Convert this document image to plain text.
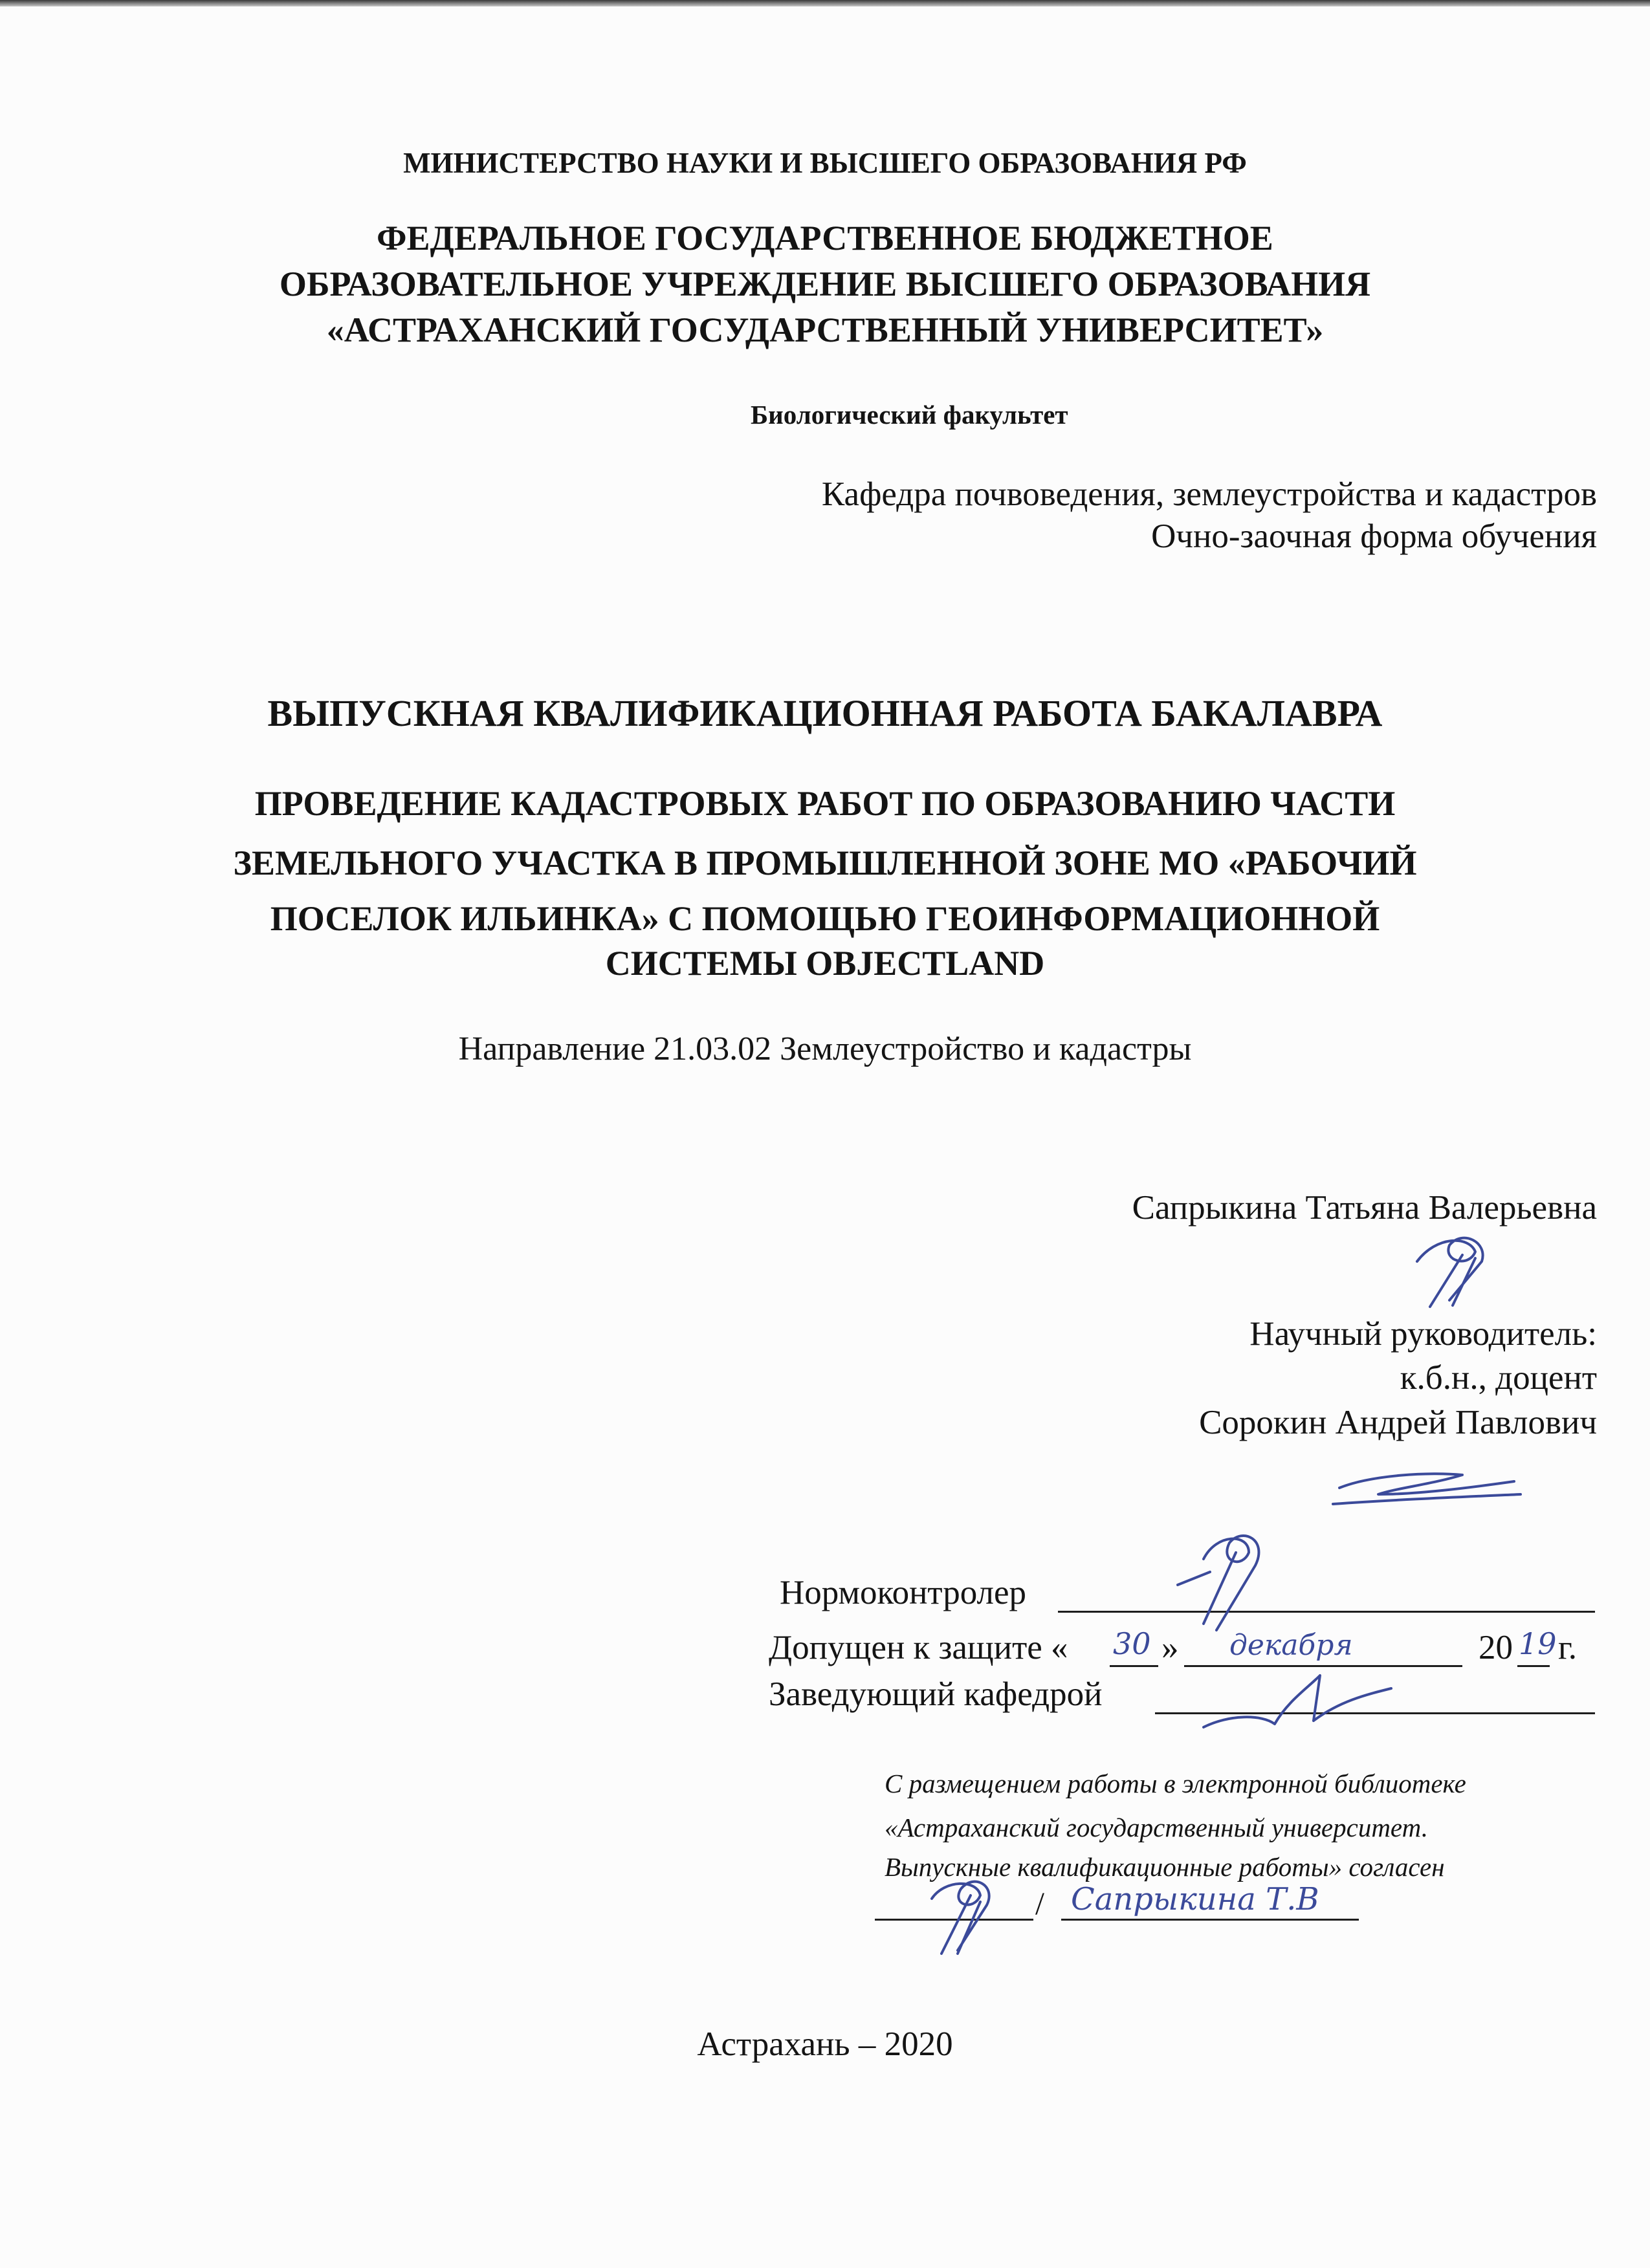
МИНИСТЕРСТВО НАУКИ И ВЫСШЕГО ОБРАЗОВАНИЯ РФ
ФЕДЕРАЛЬНОЕ ГОСУДАРСТВЕННОЕ БЮДЖЕТНОЕ
ОБРАЗОВАТЕЛЬНОЕ УЧРЕЖДЕНИЕ ВЫСШЕГО ОБРАЗОВАНИЯ
«АСТРАХАНСКИЙ ГОСУДАРСТВЕННЫЙ УНИВЕРСИТЕТ»
Биологический факультет
Кафедра почвоведения, землеустройства и кадастров
Очно-заочная форма обучения
ВЫПУСКНАЯ КВАЛИФИКАЦИОННАЯ РАБОТА БАКАЛАВРА
ПРОВЕДЕНИЕ КАДАСТРОВЫХ РАБОТ ПО ОБРАЗОВАНИЮ ЧАСТИ
ЗЕМЕЛЬНОГО УЧАСТКА В ПРОМЫШЛЕННОЙ ЗОНЕ МО «РАБОЧИЙ
ПОСЕЛОК ИЛЬИНКА» С ПОМОЩЬЮ ГЕОИНФОРМАЦИОННОЙ
СИСТЕМЫ OBJECTLAND
Направление 21.03.02 Землеустройство и кадастры
Сапрыкина Татьяна Валерьевна
Научный руководитель:
к.б.н., доцент
Сорокин Андрей Павлович
Нормоконтролер
Допущен к защите « 30 » декабря	20 19 г.
Заведующий кафедрой
С размещением работы в электронной библиотеке
«Астраханский государственный университет.
Выпускные квалификационные работы» согласен
/ Сапрыкина Т.В
Астрахань – 2020
